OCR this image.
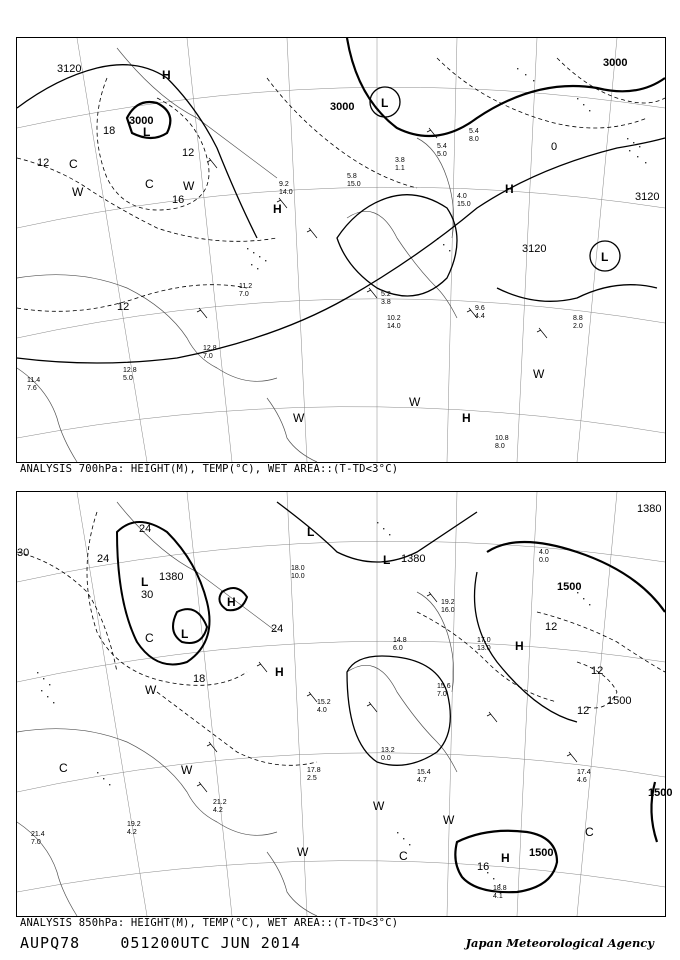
3120
3000
3000
3000
3120
3120
18
12
12
12
16
0
H
L
L
L
H
H
H
C
C
W	W
W
W
W
5.4
8.0
3.8
1.1
5.4
5.0
5.8
15.0
4.0
15.0
9.2
14.0
9.6
4.4
10.2
14.0
5.2
3.8
11.2
7.0
12.8
7.0
12.8
5.0
10.8
8.0
8.8
2.0
11.4
7.6
ANALYSIS 700hPa: HEIGHT(M), TEMP(°C), WET AREA::(T-TD<3°C)
1380
1380
1380
1500
1500
1500
1500
24
24
30
30
18
12
12
12
16
24
H
H
H
H
L
L
L
L
C
C
C
C
W
W
W
W
W
18.0
10.0
15.2
4.0
14.8
6.0
19.2
16.0
17.0
13.0
15.6
7.0
13.2
0.0
15.4
4.7
17.8
2.5
17.4
4.6
18.8
4.1
19.2
4.2
21.4
7.0
21.2
4.2
4.0
0.0
ANALYSIS 850hPa: HEIGHT(M), TEMP(°C), WET AREA::(T-TD<3°C)
AUPQ78	051200UTC JUN 2014	Japan Meteorological Agency
